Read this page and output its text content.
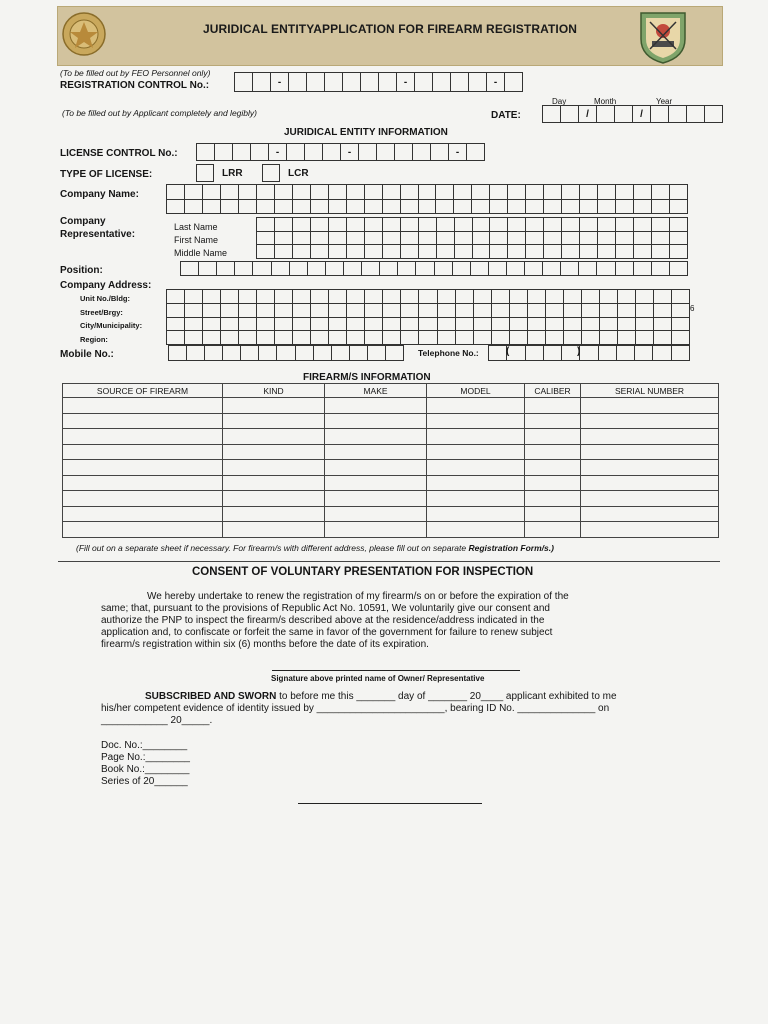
JURIDICAL ENTITYAPPLICATION FOR FIREARM REGISTRATION
(To be filled out by FEO Personnel only)
REGISTRATION CONTROL No.:	-	-	-
(To be filled out by Applicant completely and legibly)
Day	Month	Year
DATE:	/	/
JURIDICAL ENTITY INFORMATION
LICENSE CONTROL No.:	-	-	-
TYPE OF LICENSE:	LRR	LCR
Company Name:
Company
Representative:
Last Name
First Name
Middle Name
Position:
Company Address:
Unit No./Bldg:
Street/Brgy:
City/Municipality:
Region:
6
Mobile No.:	Telephone No.:	(	)
FIREARM/S INFORMATION
SOURCE OF FIREARM	KIND	MAKE	MODEL	CALIBER	SERIAL NUMBER

(Fill out on a separate sheet if necessary. For firearm/s with different address, please fill out on separate Registration Form/s.)
CONSENT OF VOLUNTARY PRESENTATION FOR INSPECTION
We hereby undertake to renew the registration of my firearm/s on or before the expiration of the
same; that, pursuant to the provisions of Republic Act No. 10591, We voluntarily give our consent and
authorize the PNP to inspect the firearm/s described above at the residence/address indicated in the
application and, to confiscate or forfeit the same in favor of the government for failure to renew subject
firearm/s registration within six (6) months before the date of its expiration.
Signature above printed name of Owner/ Representative
SUBSCRIBED AND SWORN to before me this _______ day of _______ 20____ applicant exhibited to me
his/her competent evidence of identity issued by _______________________, bearing ID No. ______________ on
____________ 20_____.
Doc. No.:________
Page No.:________
Book No.:________
Series of 20______
